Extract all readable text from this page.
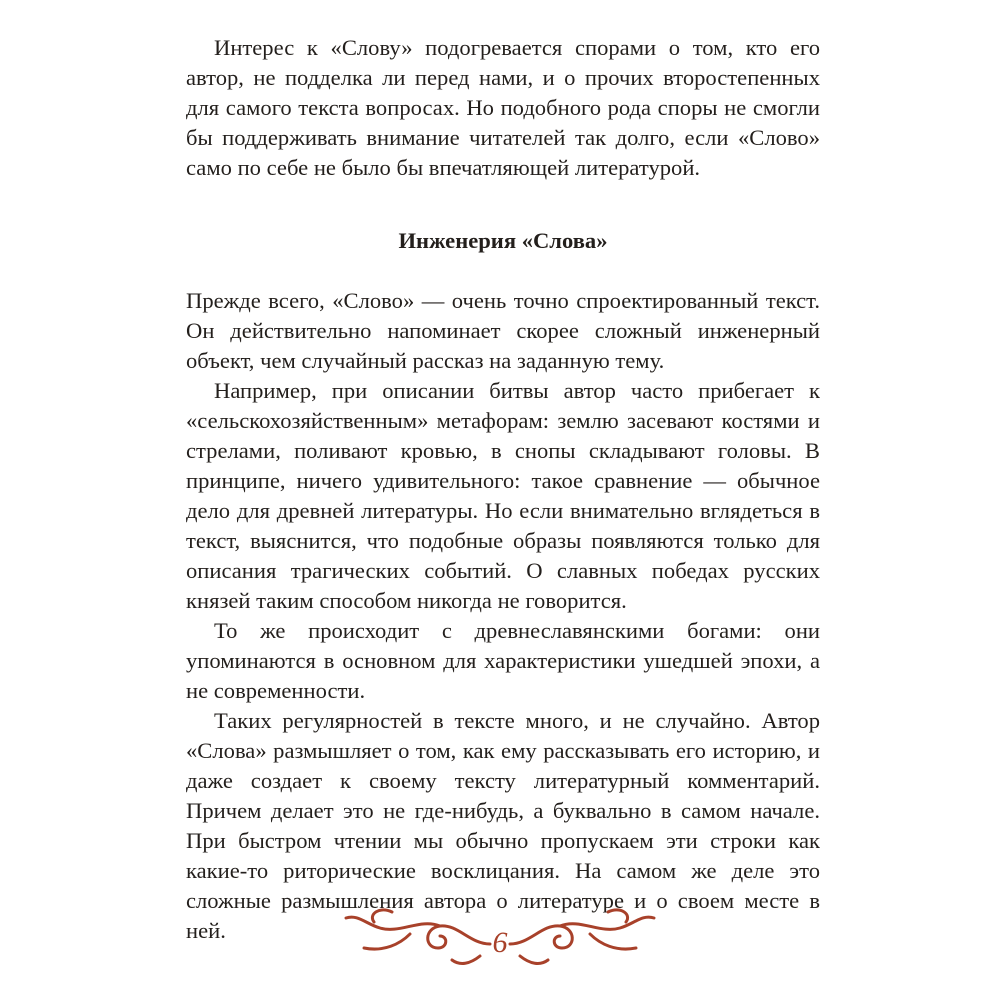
Интерес к «Слову» подогревается спорами о том, кто его автор, не подделка ли перед нами, и о прочих второстепенных для самого текста вопросах. Но подобного рода споры не смогли бы поддерживать внимание читателей так долго, если «Слово» само по себе не было бы впечатляющей литературой.

Инженерия «Слова»

Прежде всего, «Слово» — очень точно спроектированный текст. Он действительно напоминает скорее сложный инженерный объект, чем случайный рассказ на заданную тему.

Например, при описании битвы автор часто прибегает к «сельскохозяйственным» метафорам: землю засевают костями и стрелами, поливают кровью, в снопы складывают головы. В принципе, ничего удивительного: такое сравнение — обычное дело для древней литературы. Но если внимательно вглядеться в текст, выяснится, что подобные образы появляются только для описания трагических событий. О славных победах русских князей таким способом никогда не говорится.

То же происходит с древнеславянскими богами: они упоминаются в основном для характеристики ушедшей эпохи, а не современности.

Таких регулярностей в тексте много, и не случайно. Автор «Слова» размышляет о том, как ему рассказывать его историю, и даже создает к своему тексту литературный комментарий. Причем делает это не где-нибудь, а буквально в самом начале. При быстром чтении мы обычно пропускаем эти строки как какие-то риторические восклицания. На самом же деле это сложные размышления автора о литературе и о своем месте в ней.	6
